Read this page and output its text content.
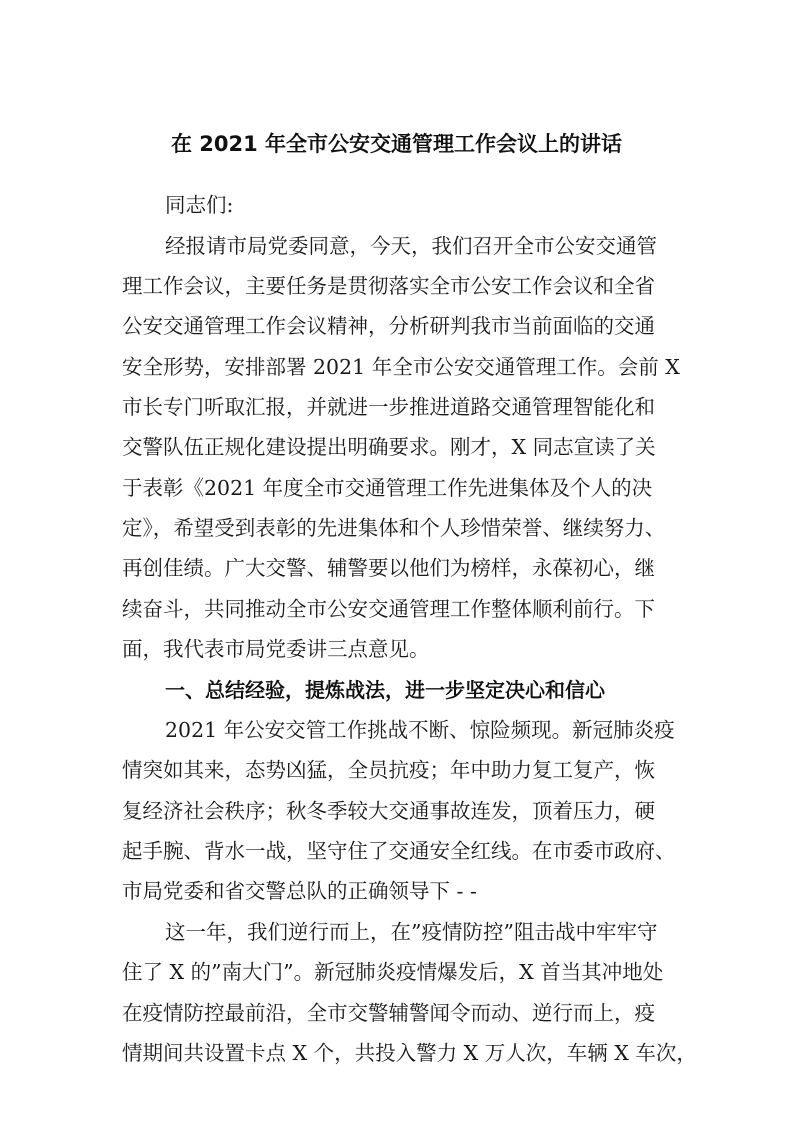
在 2021 年全市公安交通管理工作会议上的讲话

同志们:

经报请市局党委同意，今天，我们召开全市公安交通管

理工作会议，主要任务是贯彻落实全市公安工作会议和全省

公安交通管理工作会议精神，分析研判我市当前面临的交通

安全形势，安排部署 2021 年全市公安交通管理工作。会前 X

市长专门听取汇报，并就进一步推进道路交通管理智能化和

交警队伍正规化建设提出明确要求。刚才，X 同志宣读了关

于表彰《2021 年度全市交通管理工作先进集体及个人的决

定》，希望受到表彰的先进集体和个人珍惜荣誉、继续努力、

再创佳绩。广大交警、辅警要以他们为榜样，永葆初心，继

续奋斗，共同推动全市公安交通管理工作整体顺利前行。下

面，我代表市局党委讲三点意见。

一、总结经验，提炼战法，进一步坚定决心和信心

2021 年公安交管工作挑战不断、惊险频现。新冠肺炎疫

情突如其来，态势凶猛，全员抗疫；年中助力复工复产，恢

复经济社会秩序；秋冬季较大交通事故连发，顶着压力，硬

起手腕、背水一战，坚守住了交通安全红线。在市委市政府、

市局党委和省交警总队的正确领导下 - -

这一年，我们逆行而上，在”疫情防控”阻击战中牢牢守

住了 X 的”南大门”。新冠肺炎疫情爆发后，X 首当其冲地处

在疫情防控最前沿，全市交警辅警闻令而动、逆行而上，疫

情期间共设置卡点 X 个，共投入警力 X 万人次，车辆 X 车次，
